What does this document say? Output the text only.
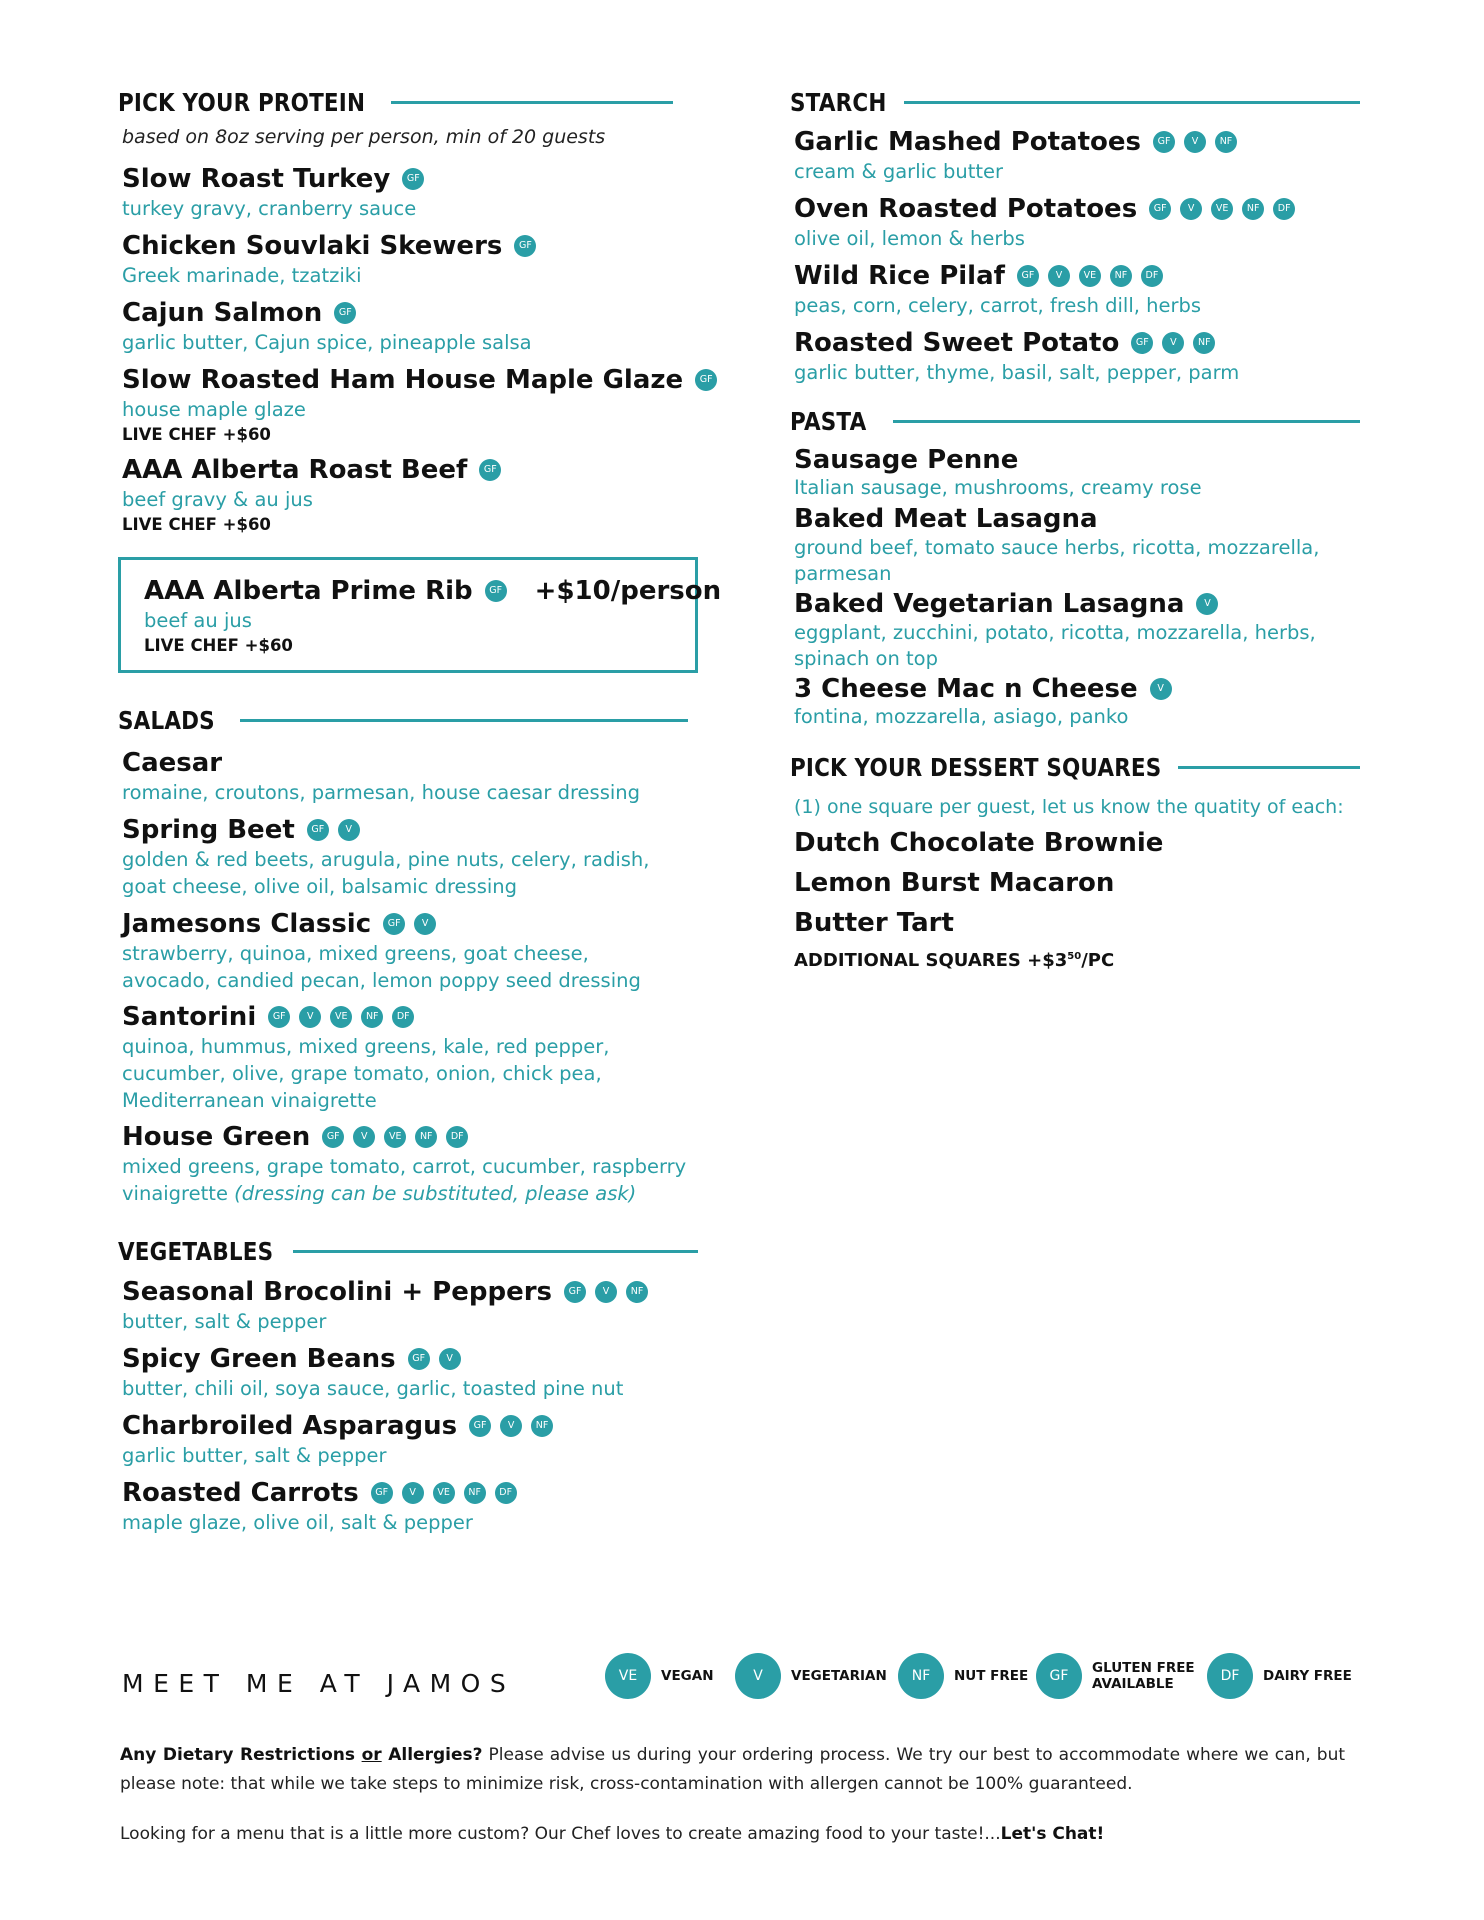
PICK YOUR PROTEIN
based on 8oz serving per person, min of 20 guests
Slow Roast Turkey	GF
turkey gravy, cranberry sauce
Chicken Souvlaki Skewers	GF
Greek marinade, tzatziki
Cajun Salmon	GF
garlic butter, Cajun spice, pineapple salsa
Slow Roasted Ham House Maple Glaze	GF
house maple glaze
LIVE CHEF +$60
AAA Alberta Roast Beef	GF
beef gravy & au jus
LIVE CHEF +$60
SALADS
Caesar
romaine, croutons, parmesan, house caesar dressing
Spring Beet	GF	V
golden & red beets, arugula, pine nuts, celery, radish, goat cheese, olive oil, balsamic dressing
Jamesons Classic	GF	V
strawberry, quinoa, mixed greens, goat cheese, avocado, candied pecan, lemon poppy seed dressing
Santorini	GF	V	VE	NF	DF
quinoa, hummus, mixed greens, kale, red pepper, cucumber, olive, grape tomato, onion, chick pea, Mediterranean vinaigrette
House Green	GF	V	VE	NF	DF
mixed greens, grape tomato, carrot, cucumber, raspberry vinaigrette (dressing can be substituted, please ask)
VEGETABLES
Seasonal Brocolini + Peppers	GF	V	NF
butter, salt & pepper
Spicy Green Beans	GF	V
butter, chili oil, soya sauce, garlic, toasted pine nut
Charbroiled Asparagus	GF	V	NF
garlic butter, salt & pepper
Roasted Carrots	GF	V	VE	NF	DF
maple glaze, olive oil, salt & pepper
AAA Alberta Prime Rib	GF +$10/person
beef au jus
LIVE CHEF +$60
STARCH
Garlic Mashed Potatoes	GF	V	NF
cream & garlic butter
Oven Roasted Potatoes	GF	V	VE	NF	DF
olive oil, lemon & herbs
Wild Rice Pilaf	GF	V	VE	NF	DF
peas, corn, celery, carrot, fresh dill, herbs
Roasted Sweet Potato	GF	V	NF
garlic butter, thyme, basil, salt, pepper, parm
PASTA
Sausage Penne
Italian sausage, mushrooms, creamy rose
Baked Meat Lasagna
ground beef, tomato sauce herbs, ricotta, mozzarella, parmesan
Baked Vegetarian Lasagna	V
eggplant, zucchini, potato, ricotta, mozzarella, herbs, spinach on top
3 Cheese Mac n Cheese	V
fontina, mozzarella, asiago, panko
PICK YOUR DESSERT SQUARES
(1) one square per guest, let us know the quatity of each:
Dutch Chocolate Brownie
Lemon Burst Macaron
Butter Tart
ADDITIONAL SQUARES $+\$3^{50}/PC$
MEET ME AT JAMOS	VE	VEGAN	V	VEGETARIAN	NF	NUT FREE	GF	GLUTEN FREE
AVAILABLE	DF	DAIRY FREE
Any Dietary Restrictions or Allergies? Please advise us during your ordering process. We try our best to accommodate where we can, but please note: that while we take steps to minimize risk, cross-contamination with allergen cannot be 100% guaranteed.
Looking for a menu that is a little more custom? Our Chef loves to create amazing food to your taste!...Let's Chat!
